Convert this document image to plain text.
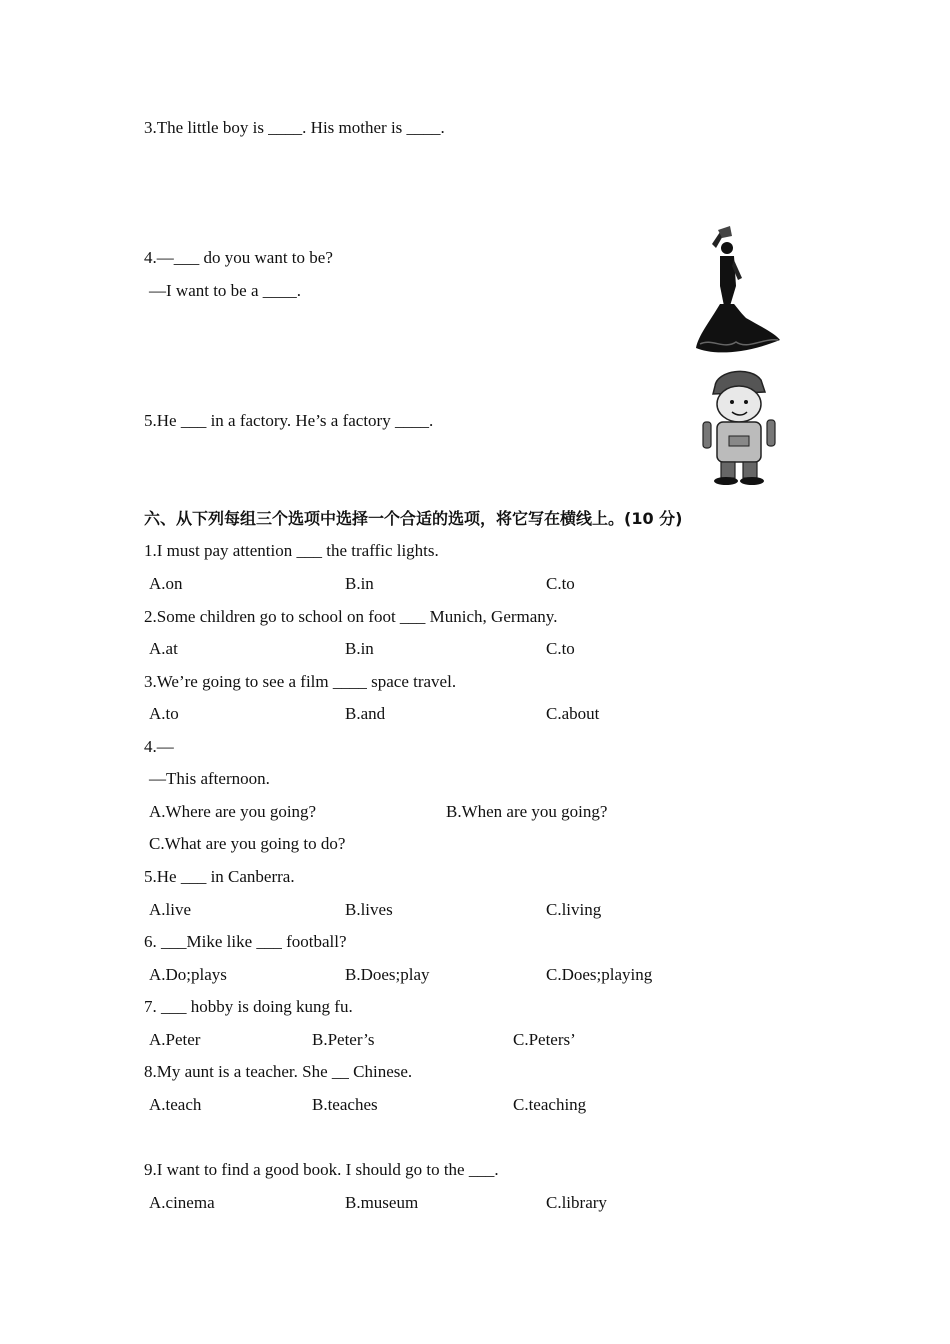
3.The little boy is ____. His mother is ____.
4.—___ do you want to be?
—I want to be a ____.
5.He ___ in a factory. He’s a factory ____.
六、从下列每组三个选项中选择一个合适的选项，将它写在横线上。(10 分)
1.I must pay attention ___ the traffic lights.
A.on	B.in	C.to
2.Some children go to school on foot ___ Munich, Germany.
A.at	B.in	C.to
3.We’re going to see a film ____ space travel.
A.to	B.and	C.about
4.—
—This afternoon.
A.Where are you going?	B.When are you going?
C.What are you going to do?
5.He ___ in Canberra.
A.live	B.lives	C.living
6. ___Mike like ___ football?
A.Do;plays	B.Does;play	C.Does;playing
7. ___ hobby is doing kung fu.
A.Peter	B.Peter’s	C.Peters’
8.My aunt is a teacher. She __ Chinese.
A.teach	B.teaches	C.teaching
9.I want to find a good book. I should go to the ___.
A.cinema	B.museum	C.library
